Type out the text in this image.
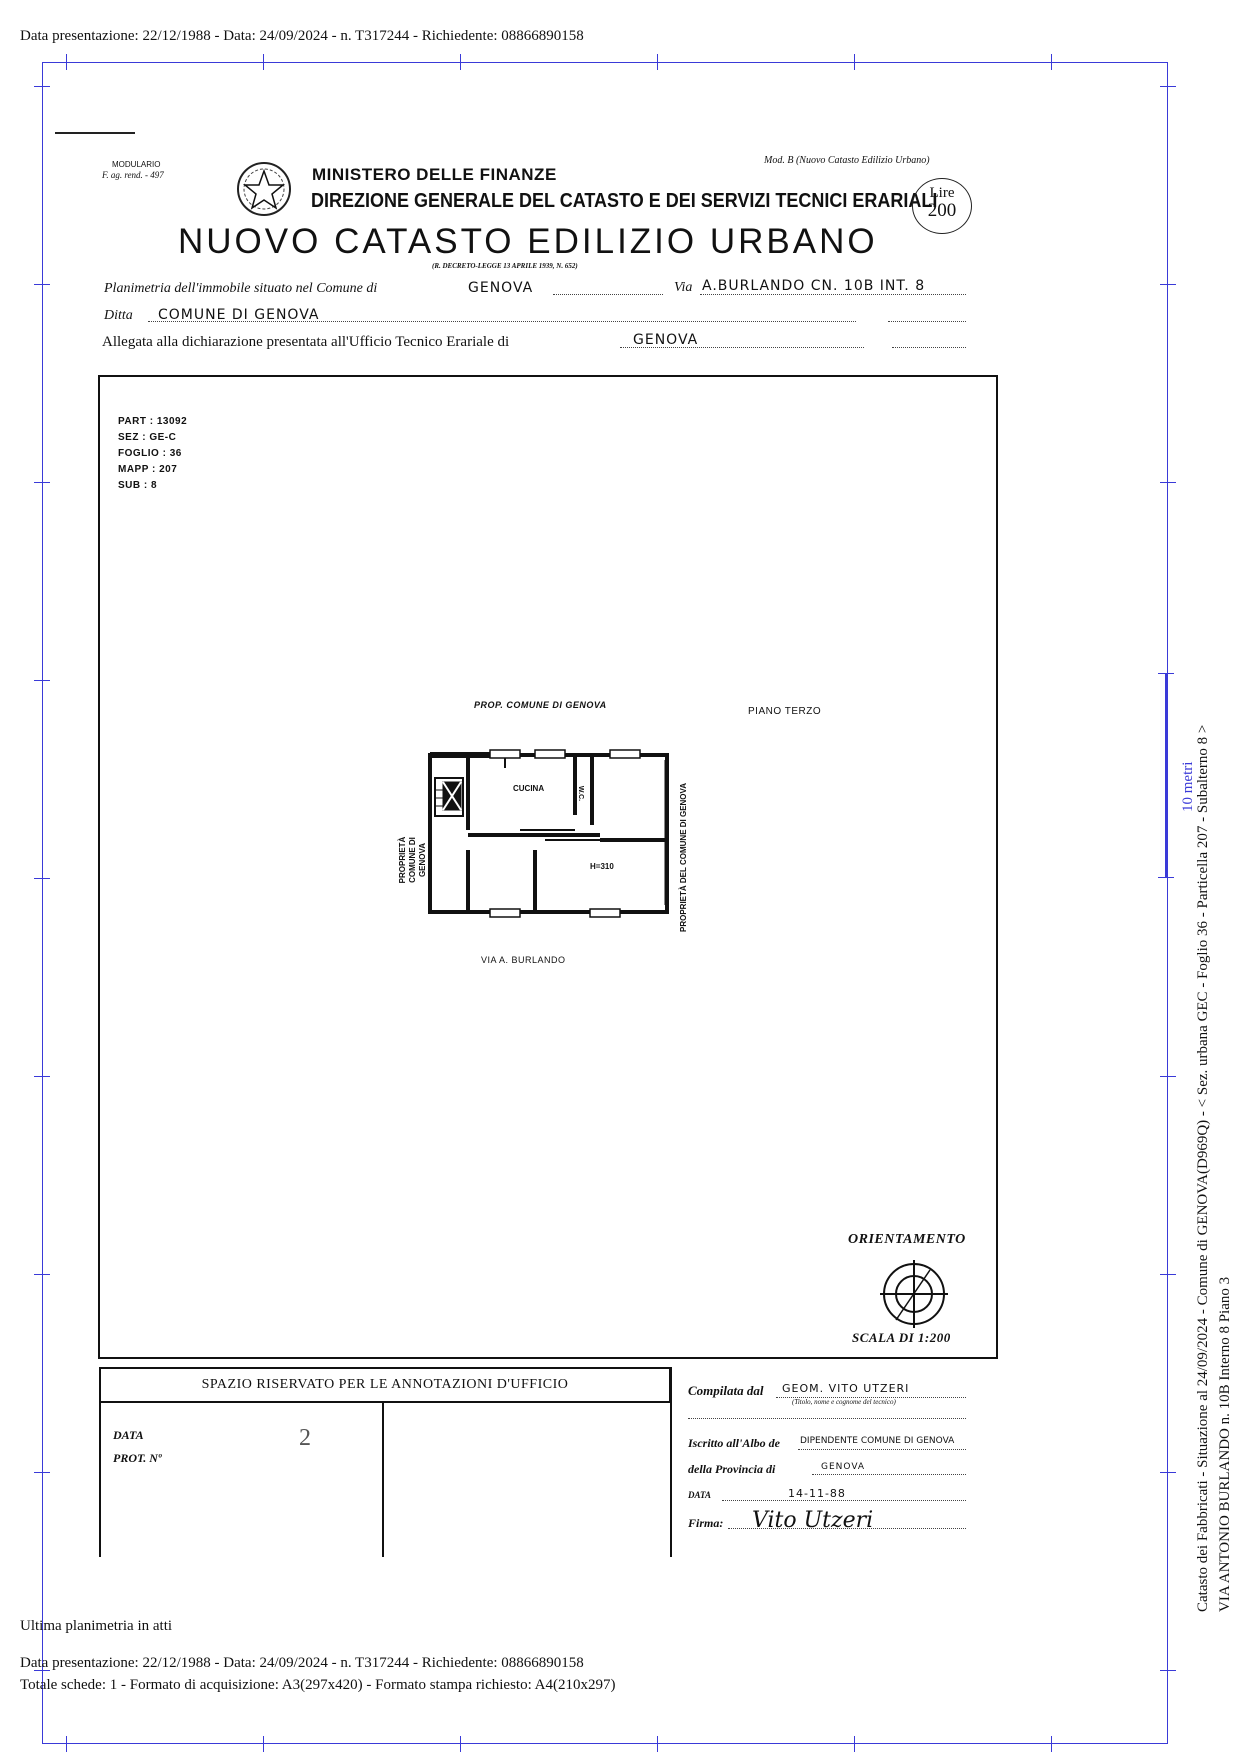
Data presentazione: 22/12/1988 - Data: 24/09/2024 - n. T317244 - Richiedente: 08866890158
10 metri Catasto dei Fabbricati - Situazione al 24/09/2024 - Comune di GENOVA(D969Q) - < Sez. urbana GEC - Foglio 36 - Particella 207 - Subalterno 8 > VIA ANTONIO BURLANDO n. 10B Interno 8 Piano 3
MODULARIO
F. ag. rend. - 497
Mod. B (Nuovo Catasto Edilizio Urbano)
MINISTERO DELLE FINANZE
DIREZIONE GENERALE DEL CATASTO E DEI SERVIZI TECNICI ERARIALI
NUOVO CATASTO EDILIZIO URBANO
(R. DECRETO-LEGGE 13 APRILE 1939, N. 652)
Lire
200
Planimetria dell'immobile situato nel Comune di	GENOVA	Via A.BURLANDO CN. 10B INT. 8
Ditta COMUNE DI GENOVA
Allegata alla dichiarazione presentata all'Ufficio Tecnico Erariale di	GENOVA
PART : 13092
SEZ : GE-C
FOGLIO : 36
MAPP : 207
SUB : 8
PROP. COMUNE DI GENOVA
PIANO TERZO
CUCINA	W.C.
H=310
PROPRIETÀ COMUNE DI GENOVA	PROPRIETÀ DEL COMUNE DI GENOVA
VIA A. BURLANDO
ORIENTAMENTO
SCALA DI 1:200
SPAZIO RISERVATO PER LE ANNOTAZIONI D'UFFICIO
DATA
PROT. Nº
2
Compilata dal GEOM. VITO UTZERI
(Titolo, nome e cognome del tecnico)
Iscritto all'Albo de DIPENDENTE COMUNE DI GENOVA
della Provincia di	GENOVA
DATA	14-11-88
Firma: Vito Utzeri
Ultima planimetria in atti
Data presentazione: 22/12/1988 - Data: 24/09/2024 - n. T317244 - Richiedente: 08866890158
Totale schede: 1 - Formato di acquisizione: A3(297x420) - Formato stampa richiesto: A4(210x297)
